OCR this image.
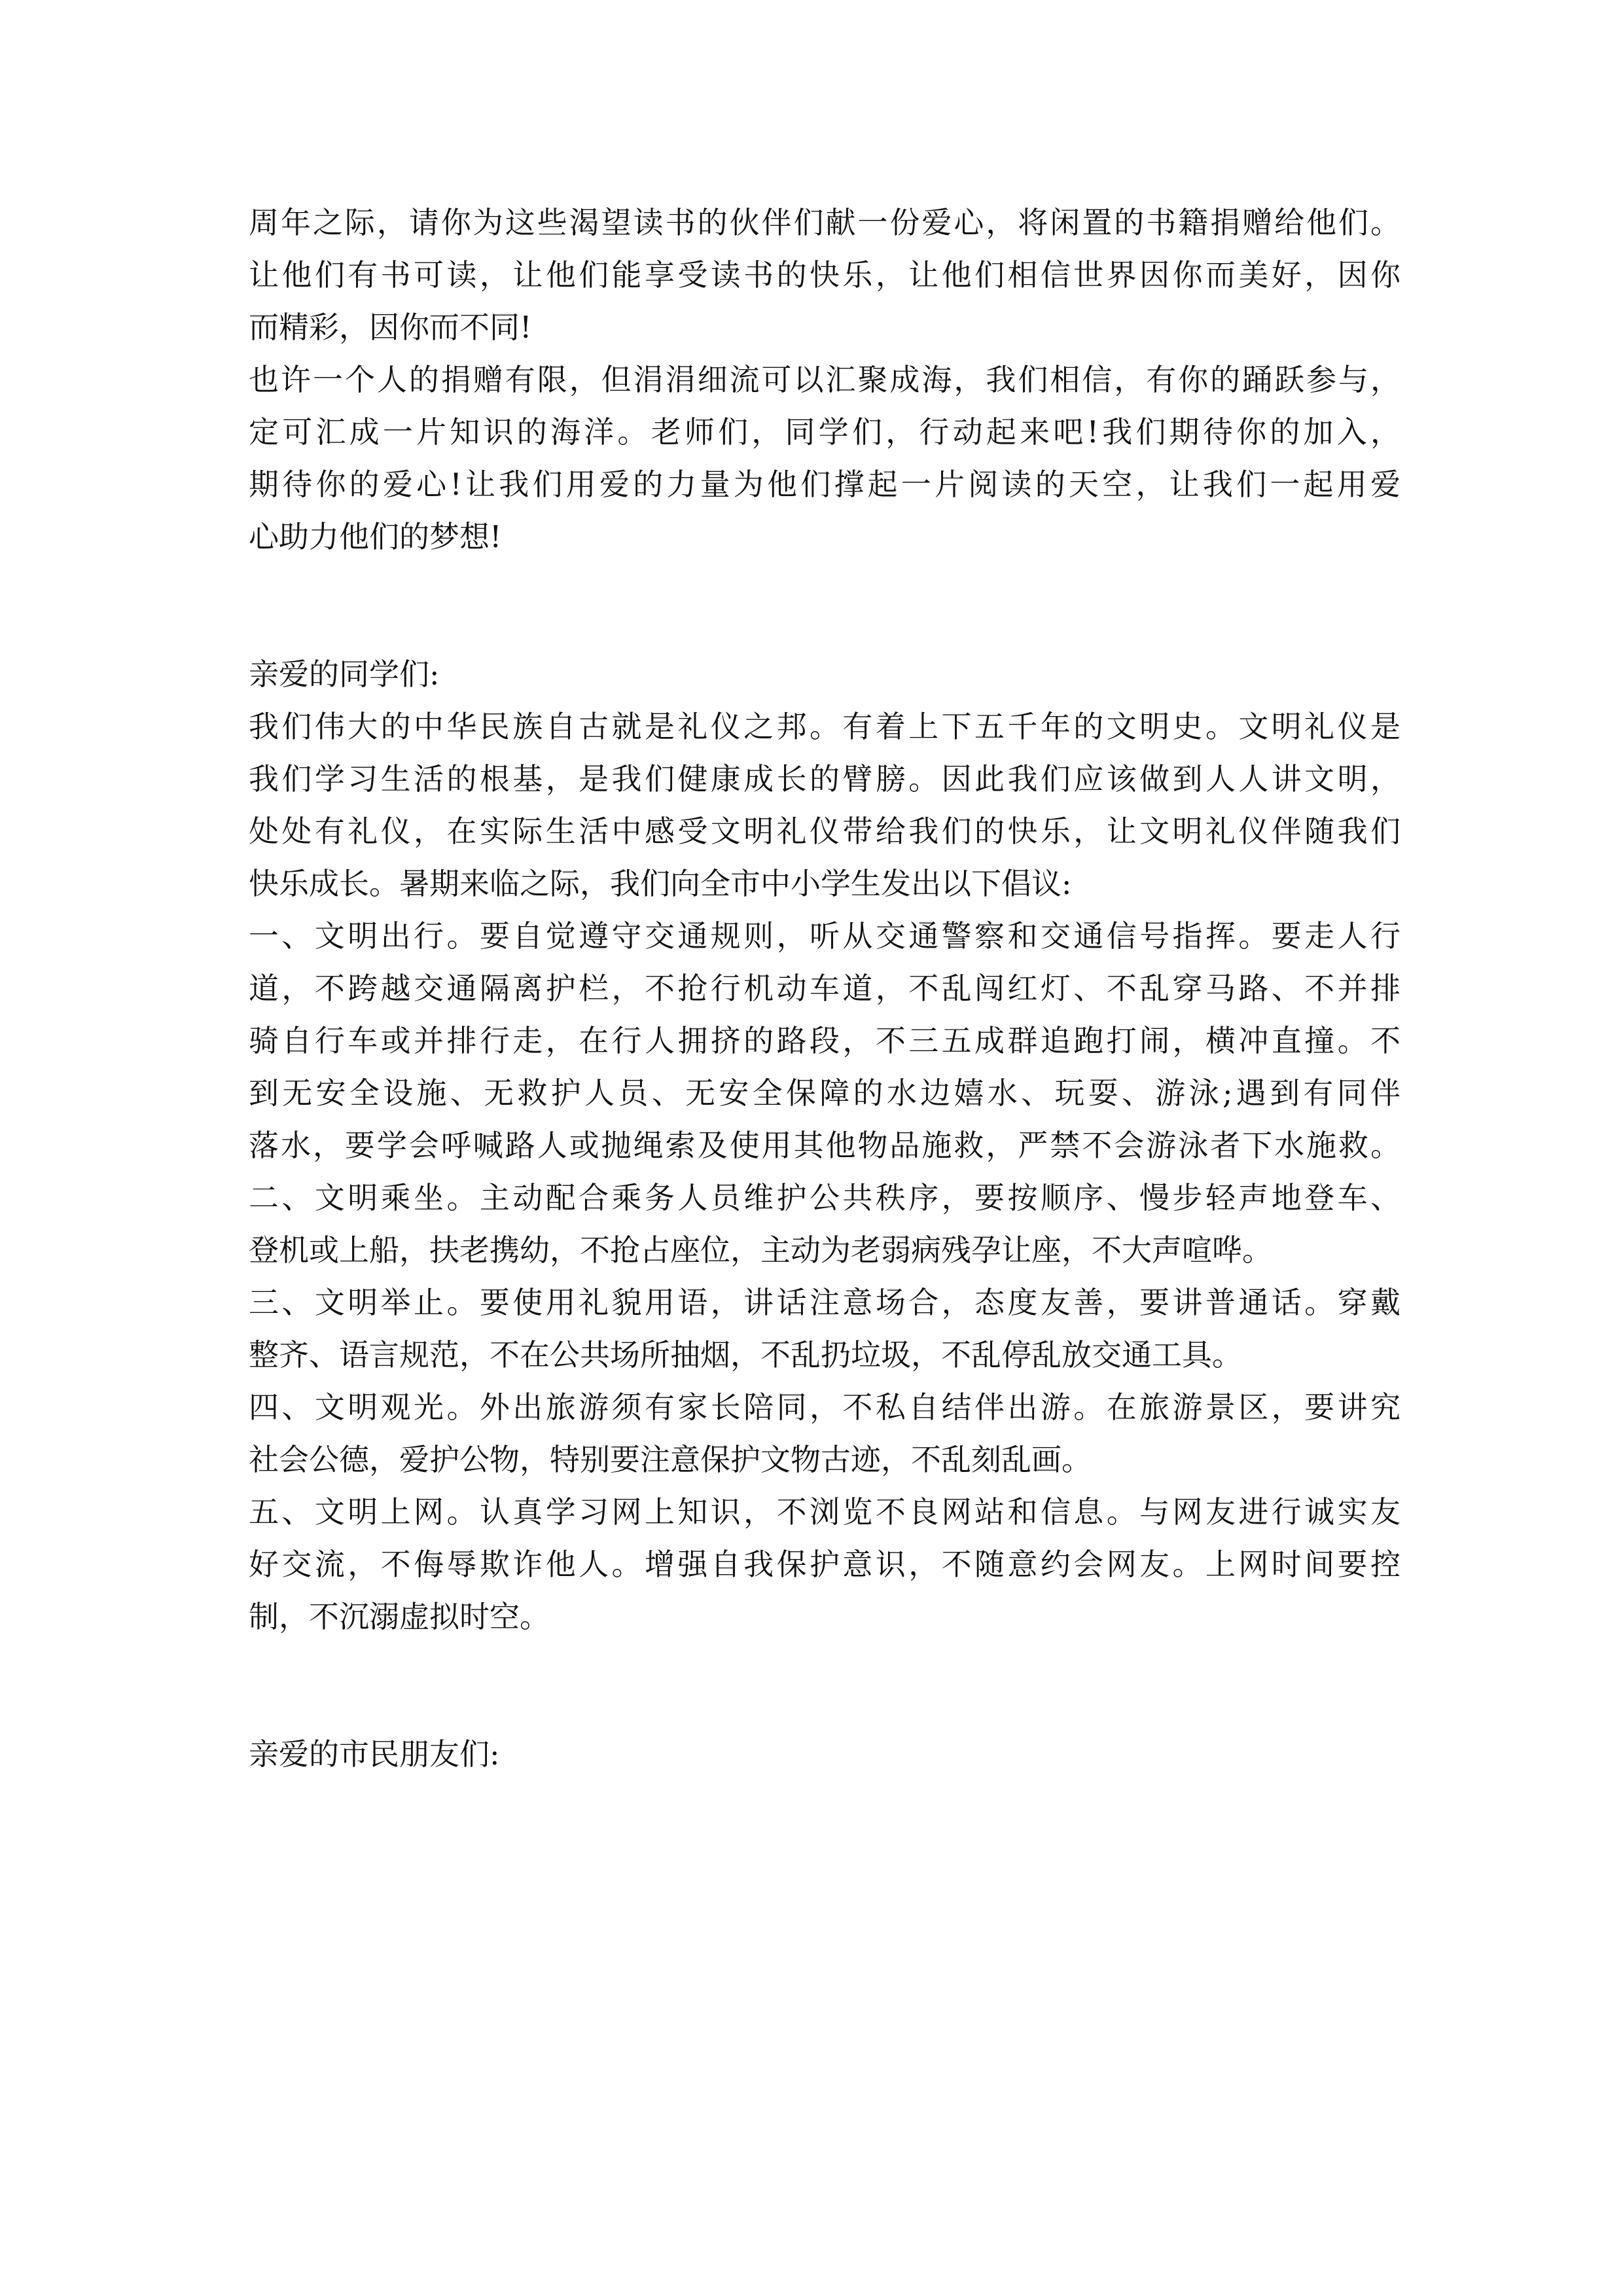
周年之际，请你为这些渴望读书的伙伴们献一份爱心，将闲置的书籍捐赠给他们。
让他们有书可读，让他们能享受读书的快乐，让他们相信世界因你而美好，因你
而精彩，因你而不同!
也许一个人的捐赠有限，但涓涓细流可以汇聚成海，我们相信，有你的踊跃参与，
定可汇成一片知识的海洋。老师们，同学们，行动起来吧!我们期待你的加入，
期待你的爱心!让我们用爱的力量为他们撑起一片阅读的天空，让我们一起用爱
心助力他们的梦想!
亲爱的同学们:
我们伟大的中华民族自古就是礼仪之邦。有着上下五千年的文明史。文明礼仪是
我们学习生活的根基，是我们健康成长的臂膀。因此我们应该做到人人讲文明，
处处有礼仪，在实际生活中感受文明礼仪带给我们的快乐，让文明礼仪伴随我们
快乐成长。暑期来临之际，我们向全市中小学生发出以下倡议:
一、文明出行。要自觉遵守交通规则，听从交通警察和交通信号指挥。要走人行
道，不跨越交通隔离护栏，不抢行机动车道，不乱闯红灯、不乱穿马路、不并排
骑自行车或并排行走，在行人拥挤的路段，不三五成群追跑打闹，横冲直撞。不
到无安全设施、无救护人员、无安全保障的水边嬉水、玩耍、游泳;遇到有同伴
落水，要学会呼喊路人或抛绳索及使用其他物品施救，严禁不会游泳者下水施救。
二、文明乘坐。主动配合乘务人员维护公共秩序，要按顺序、慢步轻声地登车、
登机或上船，扶老携幼，不抢占座位，主动为老弱病残孕让座，不大声喧哗。
三、文明举止。要使用礼貌用语，讲话注意场合，态度友善，要讲普通话。穿戴
整齐、语言规范，不在公共场所抽烟，不乱扔垃圾，不乱停乱放交通工具。
四、文明观光。外出旅游须有家长陪同，不私自结伴出游。在旅游景区，要讲究
社会公德，爱护公物，特别要注意保护文物古迹，不乱刻乱画。
五、文明上网。认真学习网上知识，不浏览不良网站和信息。与网友进行诚实友
好交流，不侮辱欺诈他人。增强自我保护意识，不随意约会网友。上网时间要控
制，不沉溺虚拟时空。
亲爱的市民朋友们:
